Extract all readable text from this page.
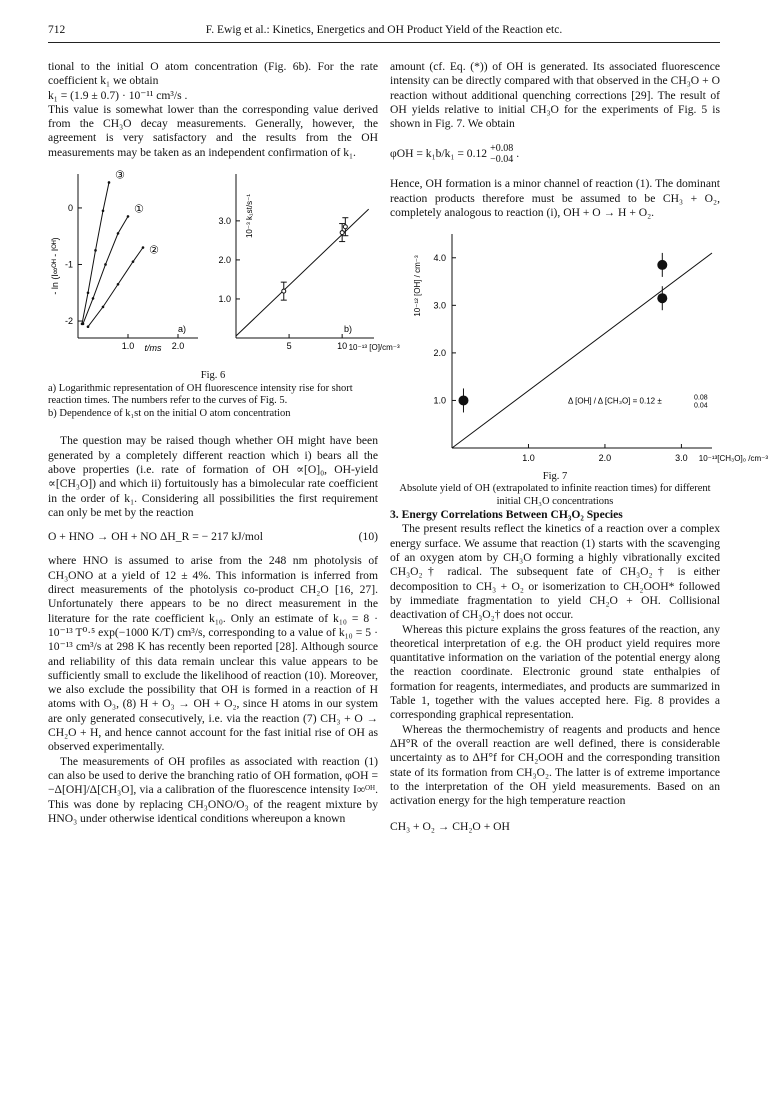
712	F. Ewig et al.: Kinetics, Energetics and OH Product Yield of the Reaction etc.

tional to the initial O atom concentration (Fig. 6b). For the rate coefficient k₁ we obtain

k₁ = (1.9 ± 0.7) · 10⁻¹¹ cm³/s .

This value is somewhat lower than the corresponding value derived from the CH₃O decay measurements. Generally, however, the agreement is very satisfactory and the results from the OH measurements may be taken as an independent confirmation of k₁.

0
-1
-2
1.0	2.0
t/ms
- ln (I∞ᴼᴴ - Iᴼᴴ)
a)
③
①
②
3.0
2.0
1.0
5	10 10⁻¹³ [O]/cm⁻³
10⁻³ k₁st/s⁻¹
b)
Fig. 6
a) Logarithmic representation of OH fluorescence intensity rise for short reaction times. The numbers refer to the curves of Fig. 5.
b) Dependence of k₁st on the initial O atom concentration

The question may be raised though whether OH might have been generated by a completely different reaction which i) bears all the above properties (i.e. rate of formation of OH ∝[O]₀, OH-yield ∝[CH₃O]) and which ii) fortuitously has a bimolecular rate coefficient in the order of k₁. Considering all possibilities the first requirement can only be met by the reaction

O + HNO → OH + NO ΔH_R = − 217 kJ/mol	(10)

where HNO is assumed to arise from the 248 nm photolysis of CH₃ONO at a yield of 12 ± 4%. This information is inferred from direct measurements of the photolysis co-product CH₂O [16, 27]. Unfortunately there appears to be no direct measurement in the literature for the rate coefficient k₁₀. Only an estimate of k₁₀ = 8 · 10⁻¹³ T⁰·⁵ exp(−1000 K/T) cm³/s, corresponding to a value of k₁₀ = 5 · 10⁻¹³ cm³/s at 298 K has recently been reported [28]. Although source and reliability of this data remain unclear this value appears to be sufficiently small to exclude the likelihood of reaction (10). Moreover, we also exclude the possibility that OH is formed in a reaction of H atoms with O₃, (8) H + O₃ → OH + O₂, since H atoms in our system are only generated consecutively, i.e. via the reaction (7) CH₃ + O → CH₂O + H, and hence cannot account for the fast initial rise of OH as observed experimentally.

The measurements of OH profiles as associated with reaction (1) can also be used to derive the branching ratio of OH formation, φOH = −Δ[OH]/Δ[CH₃O], via a calibration of the fluorescence intensity I∞ᴼᴴ. This was done by replacing CH₃ONO/O₃ of the reagent mixture by HNO₃ under otherwise identical conditions whereupon a known

amount (cf. Eq. (*)) of OH is generated. Its associated fluorescence intensity can be directly compared with that observed in the CH₃O + O reaction without additional quenching corrections [29]. The result of OH yields relative to initial CH₃O for the experiments of Fig. 5 is shown in Fig. 7. We obtain

φOH = k₁b/k₁ = 0.12 +0.08
−0.04 .

Hence, OH formation is a minor channel of reaction (1). The dominant reaction products therefore must be assumed to be CH₃ + O₂, completely analogous to reaction (i), OH + O → H + O₂.

4.0
3.0
2.0
1.0
1.0	2.0	3.0 10⁻¹³[CH₃O]₀ /cm⁻³
10⁻¹² [OH] / cm⁻³
Δ [OH] / Δ [CH₃O] = 0.12 ±	0.08
0.04
Fig. 7
Absolute yield of OH (extrapolated to infinite reaction times) for different initial CH₃O concentrations

3. Energy Correlations Between CH₃O₂ Species

The present results reflect the kinetics of a reaction over a complex energy surface. We assume that reaction (1) starts with the scavenging of an oxygen atom by CH₃O forming a highly vibrationally excited CH₃O₂† radical. The subsequent fate of CH₃O₂† is either decomposition to CH₃ + O₂ or isomerization to CH₂OOH* followed by immediate fragmentation to yield CH₂O + OH. Collisional deactivation of CH₃O₂† does not occur.

Whereas this picture explains the gross features of the reaction, any theoretical interpretation of e.g. the OH product yield requires more quantitative information on the variation of the potential energy along the reaction coordinate. Electronic ground state enthalpies of formation for reagents, intermediates, and products are summarized in Table 1, together with the values accepted here. Fig. 8 provides a corresponding graphical representation.

Whereas the thermochemistry of reagents and products and hence ΔH°R of the overall reaction are well defined, there is considerable uncertainty as to ΔH°f for CH₂OOH and the corresponding transition state of its formation from CH₃O₂. The latter is of extreme importance to the interpretation of the OH yield measurements. Based on an activation energy for the high temperature reaction

CH₃ + O₂ → CH₂O + OH
